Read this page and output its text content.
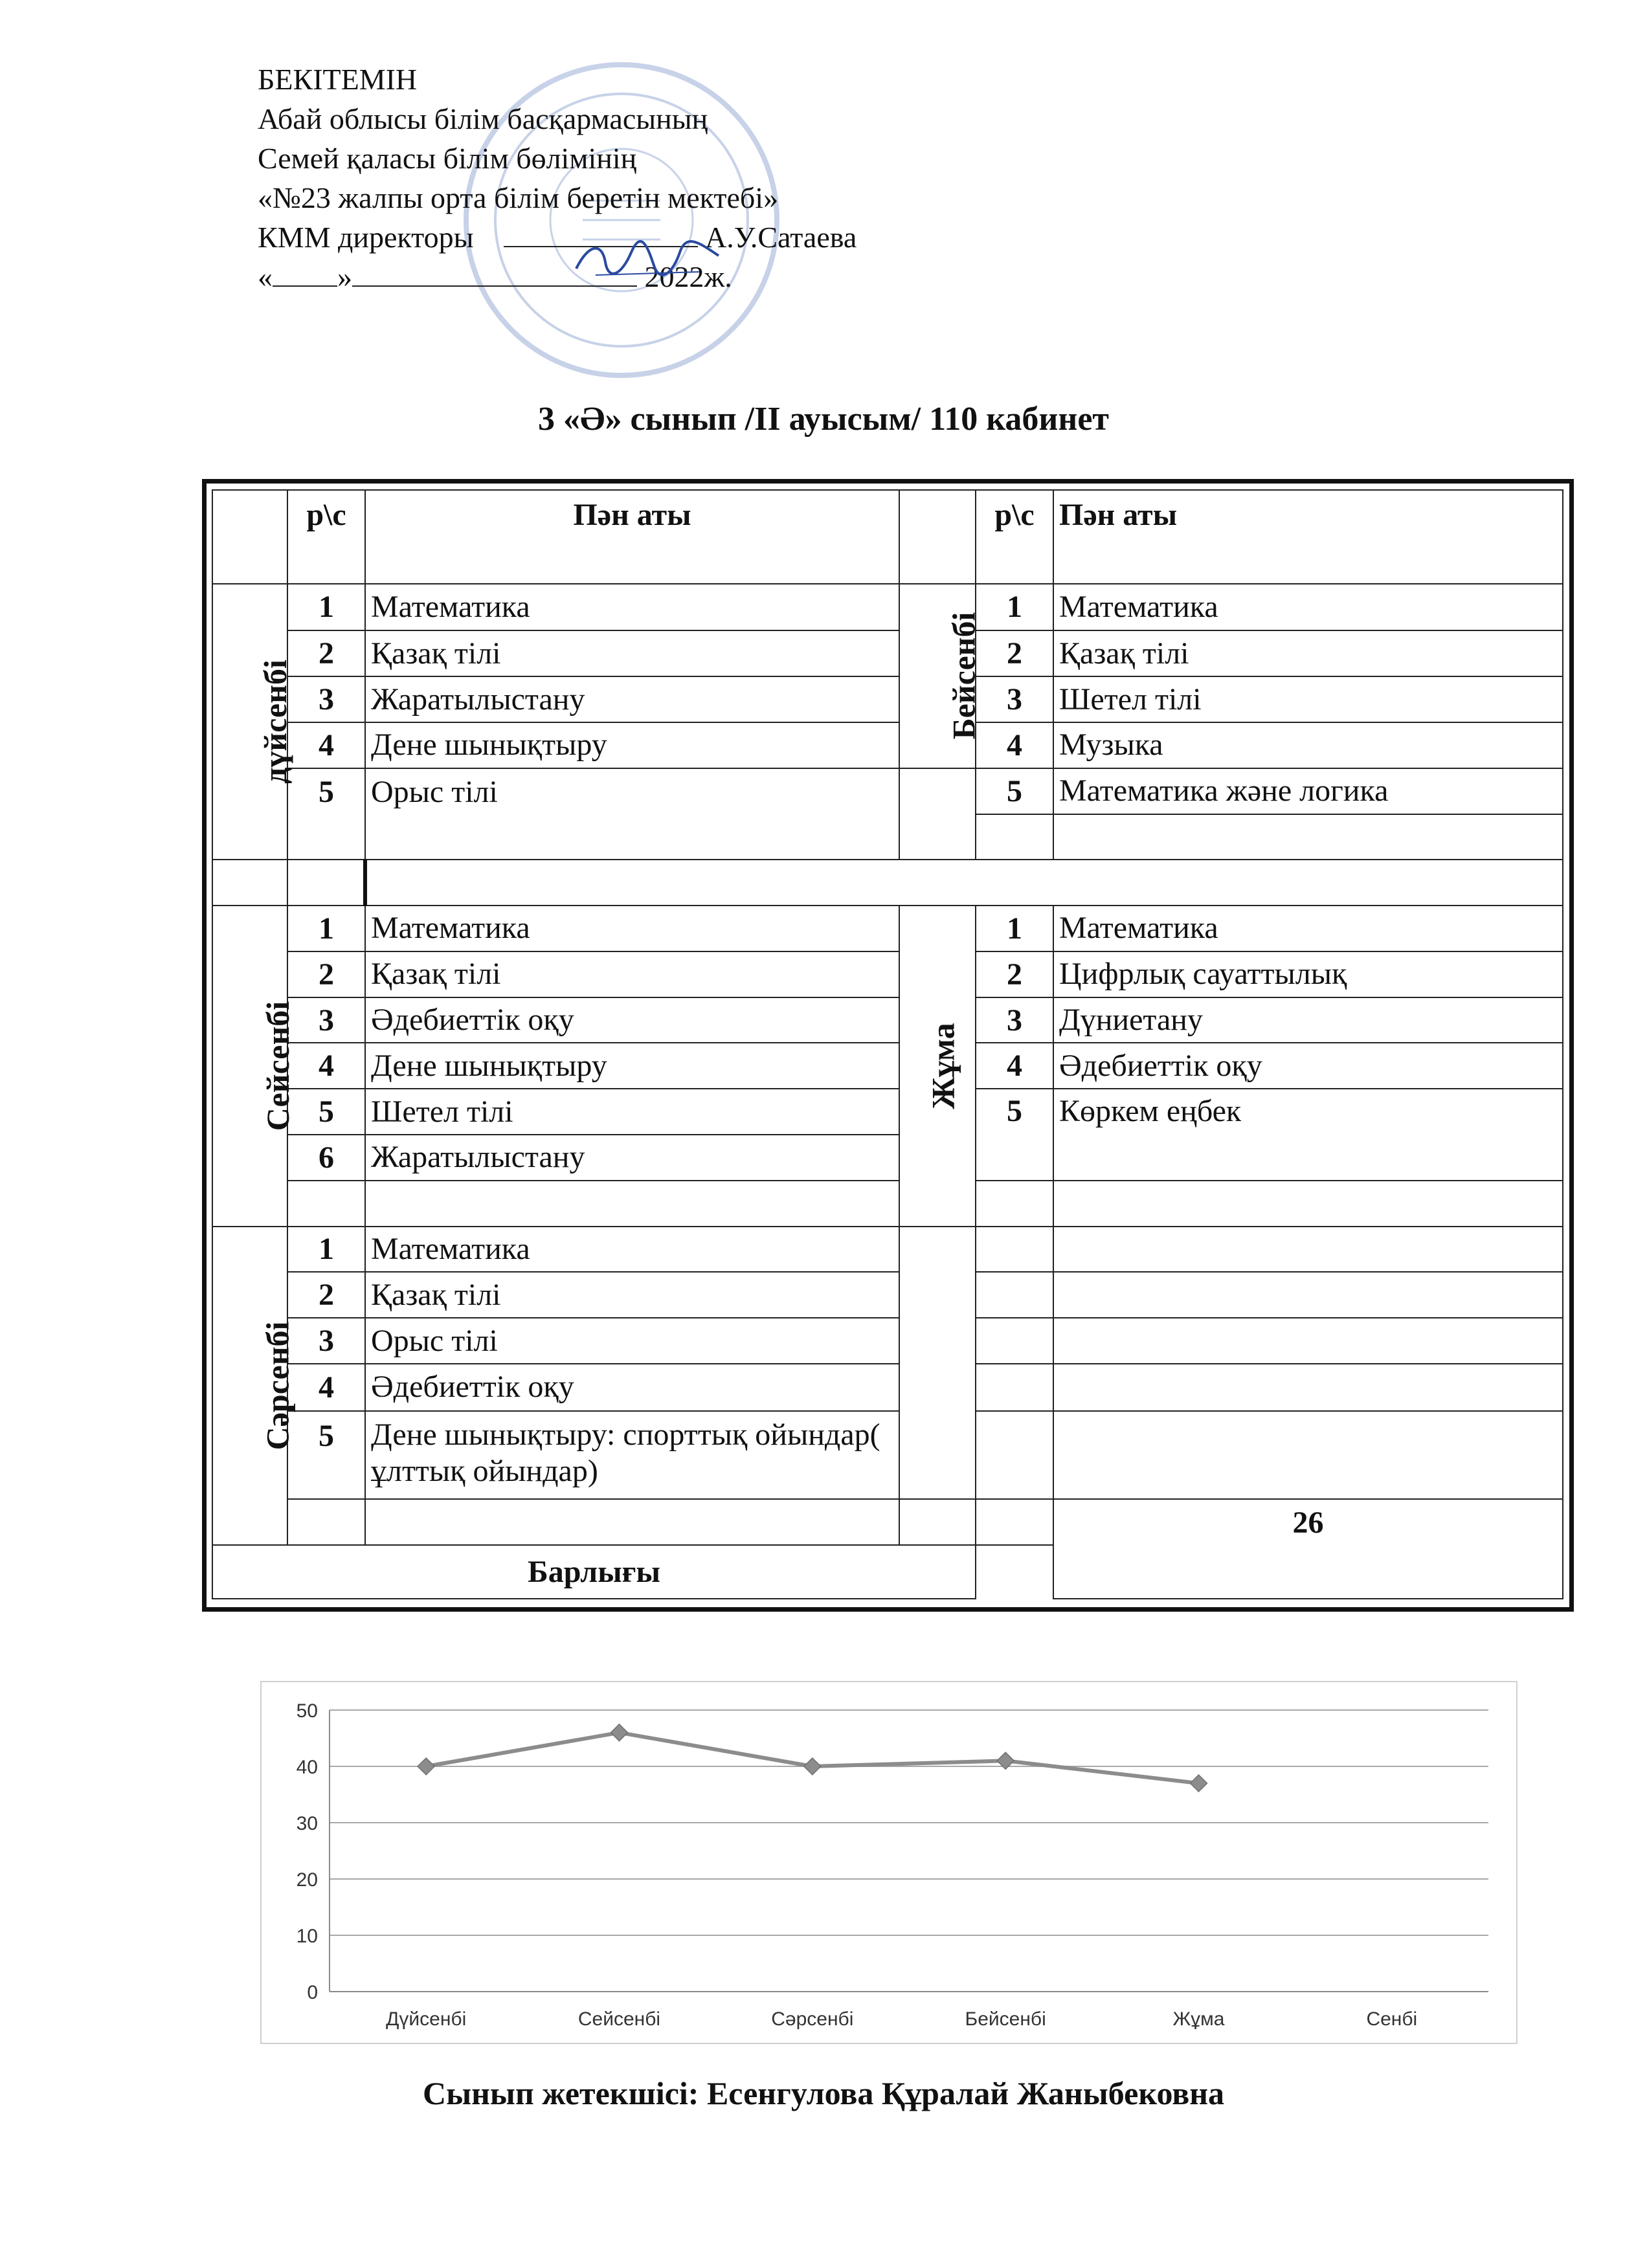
БЕКІТЕМІН
Абай облысы білім басқармасының
Семей қаласы білім бөлімінің
«№23 жалпы орта білім беретін мектебі»
КММ директоры	А.У.Сатаева
« »	2022ж.
3 «Ә» сынып /ІІ ауысым/ 110 кабинет
	р\с	Пән аты		р\с	Пән аты
дүйсенбі	1	Математика	Бейсенбі	1	Математика
	2	Қазақ тілі		2	Қазақ тілі
	3	Жаратылыстану		3	Шетел тілі
	4	Дене шынықтыру		4	Музыка
	5	Орыс тілі		5	Математика және логика

Сейсенбі	1	Математика	Жұма	1	Математика
	2	Қазақ тілі		2	Цифрлық сауаттылық
	3	Әдебиеттік оқу		3	Дүниетану
	4	Дене шынықтыру		4	Әдебиеттік оқу
	5	Шетел тілі		5	Көркем еңбек
	6	Жаратылыстану			

Сәрсенбі	1	Математика			
	2	Қазақ тілі			
	3	Орыс тілі			
	4	Әдебиеттік оқу			
	5	Дене шынықтыру: спорттық ойындар( ұлттық ойындар)			
					26
Барлығы					
0
10
20
30
40
50
Дүйсенбі	Сейсенбі	Сәрсенбі	Бейсенбі	Жұма	Сенбі
Сынып жетекшісі: Есенгулова Құралай Жаныбековна
